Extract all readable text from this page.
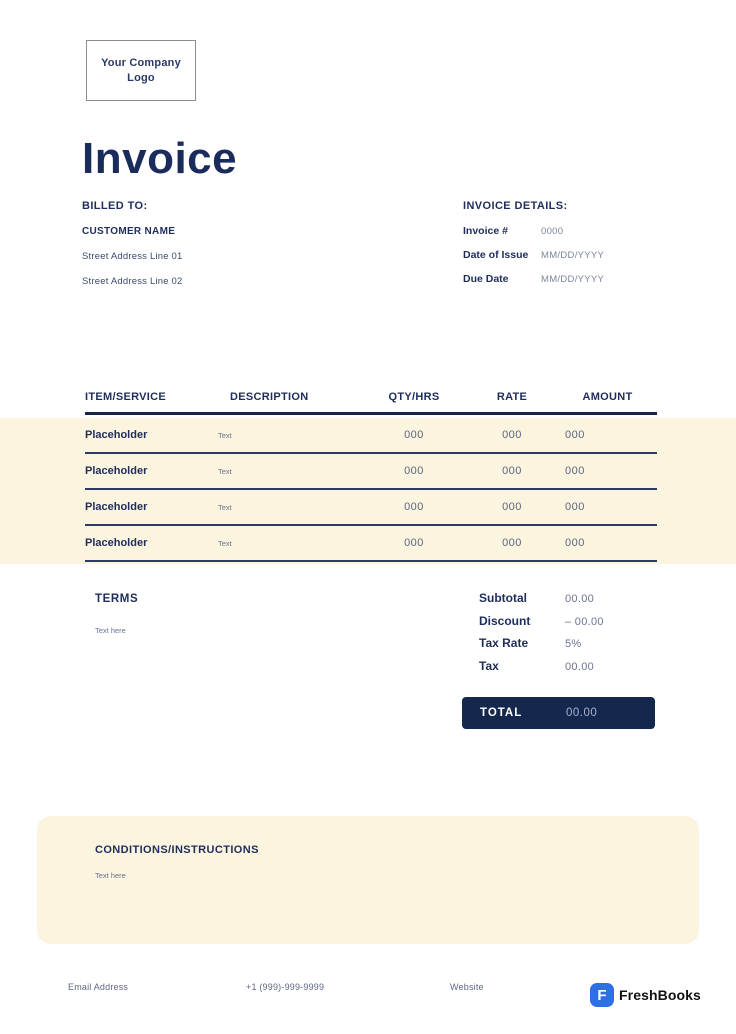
Your Company
Logo
Invoice
BILLED TO:
CUSTOMER NAME
Street Address Line 01
Street Address Line 02
INVOICE DETAILS:
Invoice #	0000
Date of Issue	MM/DD/YYYY
Due Date	MM/DD/YYYY
ITEM/SERVICE	DESCRIPTION	QTY/HRS	RATE	AMOUNT
Placeholder	Text	000	000	000
Placeholder	Text	000	000	000
Placeholder	Text	000	000	000
Placeholder	Text	000	000	000
TERMS
Text here
Subtotal	00.00
Discount	– 00.00
Tax Rate	5%
Tax	00.00
TOTAL	00.00
CONDITIONS/INSTRUCTIONS
Text here
Email Address	+1 (999)-999-9999	Website	F FreshBooks
